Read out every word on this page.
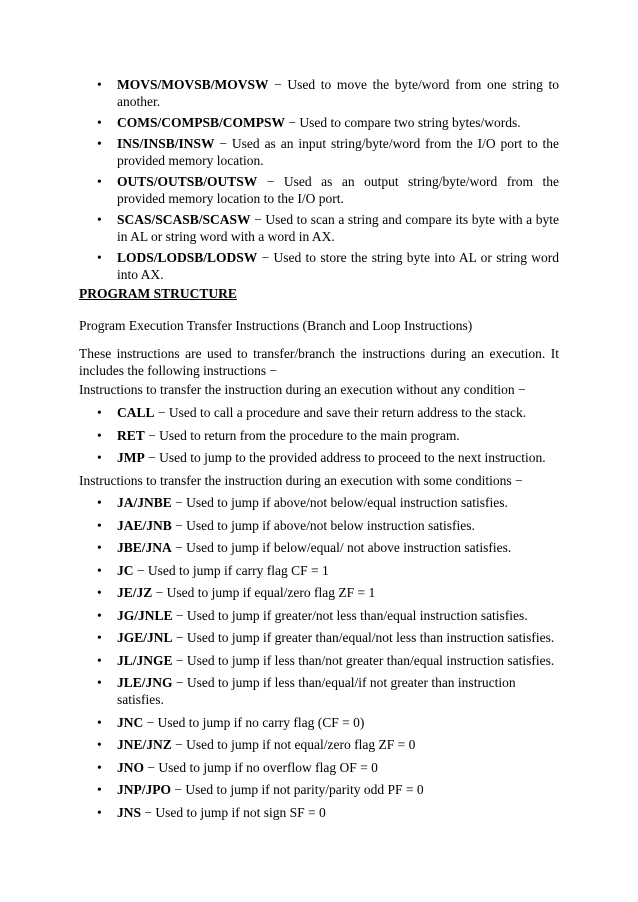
• MOVS/MOVSB/MOVSW − Used to move the byte/word from one string to another.
• COMS/COMPSB/COMPSW − Used to compare two string bytes/words.
• INS/INSB/INSW − Used as an input string/byte/word from the I/O port to the provided memory location.
• OUTS/OUTSB/OUTSW − Used as an output string/byte/word from the provided memory location to the I/O port.
• SCAS/SCASB/SCASW − Used to scan a string and compare its byte with a byte in AL or string word with a word in AX.
• LODS/LODSB/LODSW − Used to store the string byte into AL or string word into AX.
PROGRAM STRUCTURE
Program Execution Transfer Instructions (Branch and Loop Instructions)
These instructions are used to transfer/branch the instructions during an execution. It includes the following instructions −
Instructions to transfer the instruction during an execution without any condition −
• CALL − Used to call a procedure and save their return address to the stack.
• RET − Used to return from the procedure to the main program.
• JMP − Used to jump to the provided address to proceed to the next instruction.
Instructions to transfer the instruction during an execution with some conditions −
• JA/JNBE − Used to jump if above/not below/equal instruction satisfies.
• JAE/JNB − Used to jump if above/not below instruction satisfies.
• JBE/JNA − Used to jump if below/equal/ not above instruction satisfies.
• JC − Used to jump if carry flag CF = 1
• JE/JZ − Used to jump if equal/zero flag ZF = 1
• JG/JNLE − Used to jump if greater/not less than/equal instruction satisfies.
• JGE/JNL − Used to jump if greater than/equal/not less than instruction satisfies.
• JL/JNGE − Used to jump if less than/not greater than/equal instruction satisfies.
• JLE/JNG − Used to jump if less than/equal/if not greater than instruction satisfies.
• JNC − Used to jump if no carry flag (CF = 0)
• JNE/JNZ − Used to jump if not equal/zero flag ZF = 0
• JNO − Used to jump if no overflow flag OF = 0
• JNP/JPO − Used to jump if not parity/parity odd PF = 0
• JNS − Used to jump if not sign SF = 0
